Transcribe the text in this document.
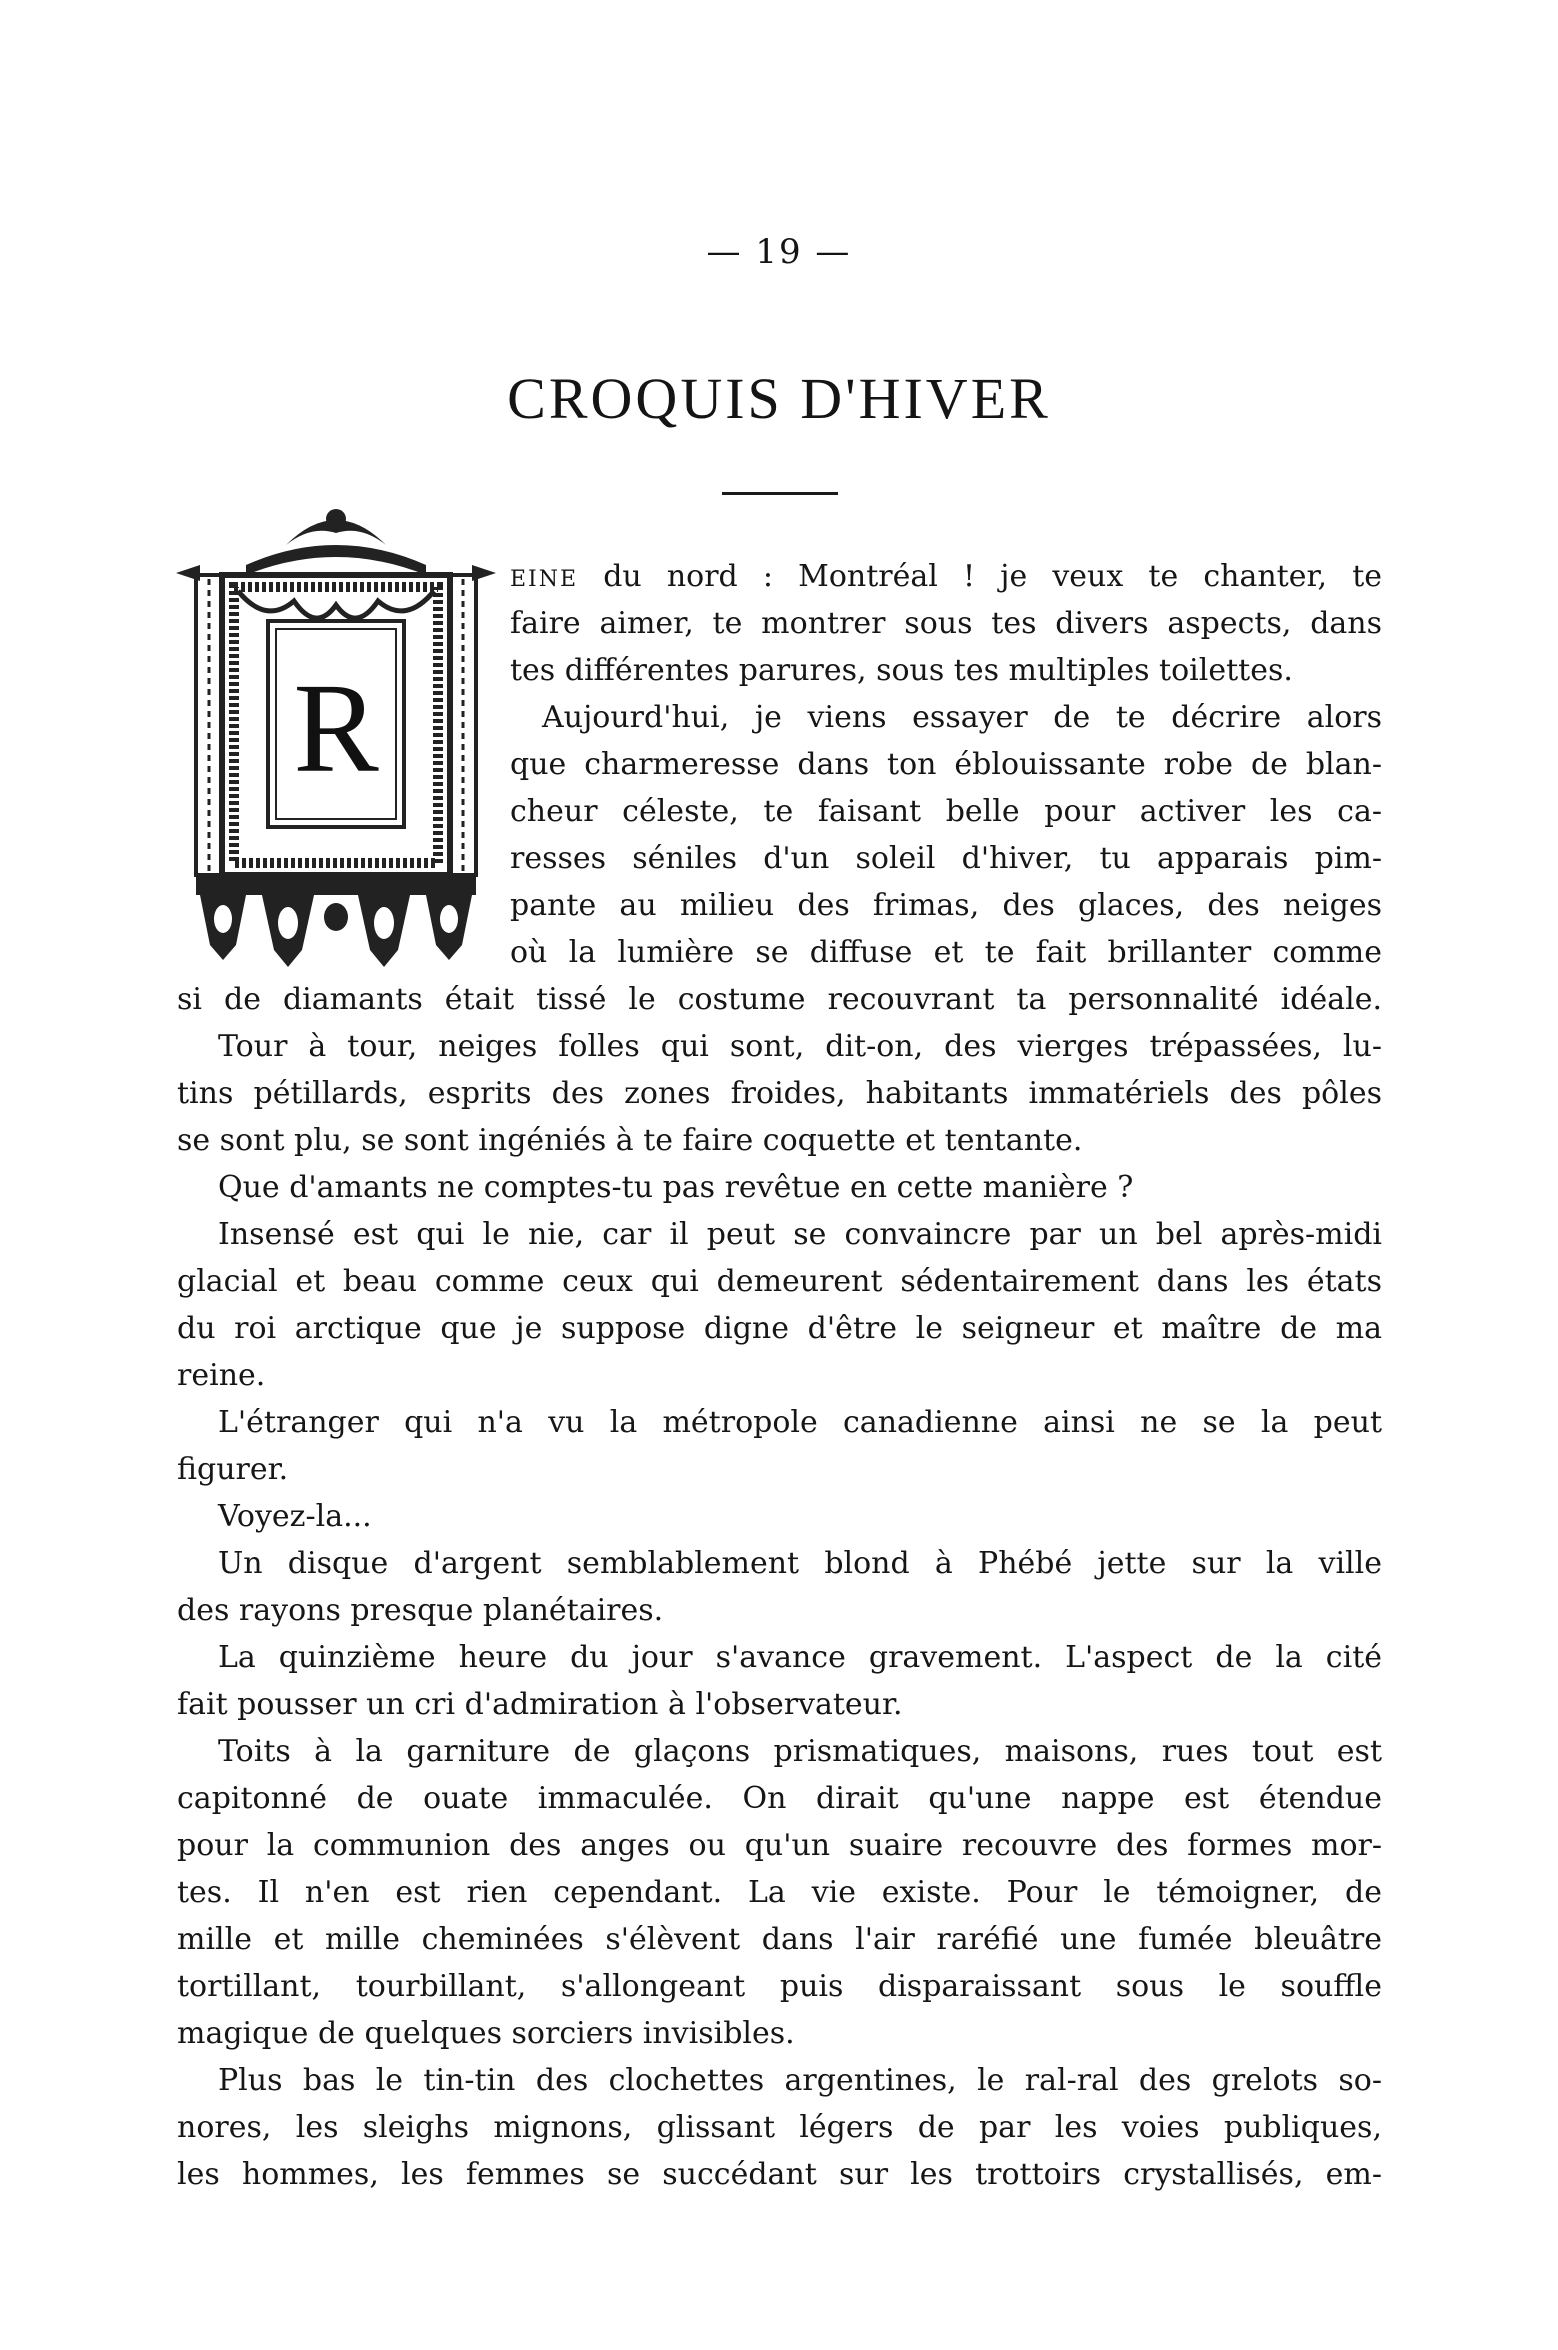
— 19 —
CROQUIS D'HIVER
R
EINE du nord : Montréal ! je veux te chanter, te
faire aimer, te montrer sous tes divers aspects, dans
tes différentes parures, sous tes multiples toilettes.
Aujourd'hui, je viens essayer de te décrire alors
que charmeresse dans ton éblouissante robe de blan-
cheur céleste, te faisant belle pour activer les ca-
resses séniles d'un soleil d'hiver, tu apparais pim-
pante au milieu des frimas, des glaces, des neiges
où la lumière se diffuse et te fait brillanter comme
si de diamants était tissé le costume recouvrant ta personnalité idéale.
Tour à tour, neiges folles qui sont, dit-on, des vierges trépassées, lu-
tins pétillards, esprits des zones froides, habitants immatériels des pôles
se sont plu, se sont ingéniés à te faire coquette et tentante.
Que d'amants ne comptes-tu pas revêtue en cette manière ?
Insensé est qui le nie, car il peut se convaincre par un bel après-midi
glacial et beau comme ceux qui demeurent sédentairement dans les états
du roi arctique que je suppose digne d'être le seigneur et maître de ma
reine.
L'étranger qui n'a vu la métropole canadienne ainsi ne se la peut
figurer.
Voyez-la...
Un disque d'argent semblablement blond à Phébé jette sur la ville
des rayons presque planétaires.
La quinzième heure du jour s'avance gravement. L'aspect de la cité
fait pousser un cri d'admiration à l'observateur.
Toits à la garniture de glaçons prismatiques, maisons, rues tout est
capitonné de ouate immaculée. On dirait qu'une nappe est étendue
pour la communion des anges ou qu'un suaire recouvre des formes mor-
tes. Il n'en est rien cependant. La vie existe. Pour le témoigner, de
mille et mille cheminées s'élèvent dans l'air raréfié une fumée bleuâtre
tortillant, tourbillant, s'allongeant puis disparaissant sous le souffle
magique de quelques sorciers invisibles.
Plus bas le tin-tin des clochettes argentines, le ral-ral des grelots so-
nores, les sleighs mignons, glissant légers de par les voies publiques,
les hommes, les femmes se succédant sur les trottoirs crystallisés, em-
